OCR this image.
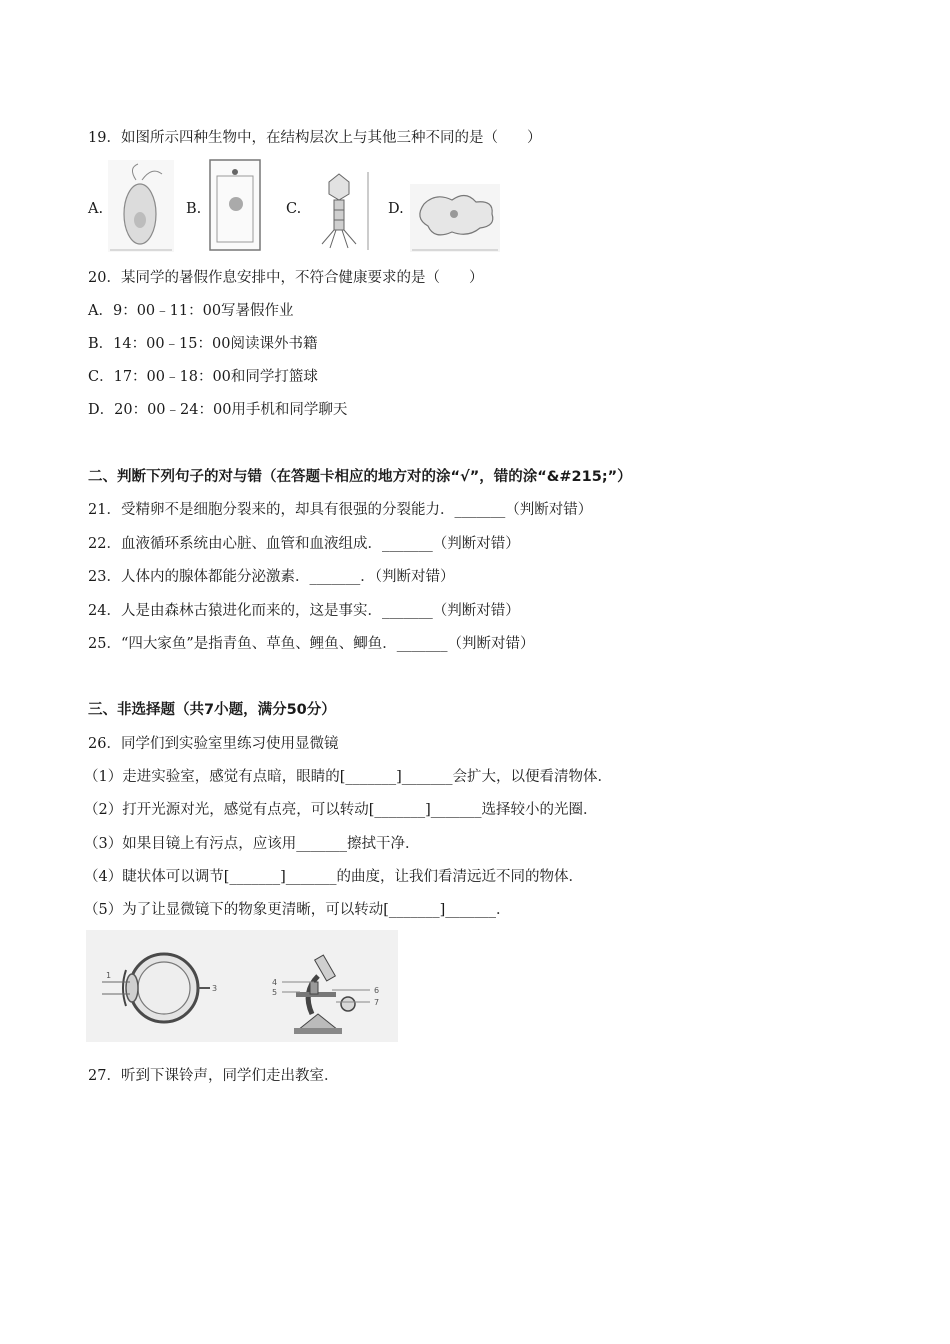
19．如图所示四种生物中，在结构层次上与其他三种不同的是（　　）
A.	B.	C.	D.
20．某同学的暑假作息安排中，不符合健康要求的是（　　）
A．9：00﹣11：00写暑假作业
B．14：00﹣15：00阅读课外书籍
C．17：00﹣18：00和同学打篮球
D．20：00﹣24：00用手机和同学聊天
二、判断下列句子的对与错（在答题卡相应的地方对的涂“√”，错的涂“&#215;”）
21．受精卵不是细胞分裂来的，却具有很强的分裂能力．_______（判断对错）
22．血液循环系统由心脏、血管和血液组成．_______（判断对错）
23．人体内的腺体都能分泌激素．_______．（判断对错）
24．人是由森林古猿进化而来的，这是事实．_______（判断对错）
25．“四大家鱼”是指青鱼、草鱼、鲤鱼、鲫鱼．_______（判断对错）
三、非选择题（共7小题，满分50分）
26．同学们到实验室里练习使用显微镜
（1）走进实验室，感觉有点暗，眼睛的[_______]_______会扩大，以便看清物体．
（2）打开光源对光，感觉有点亮，可以转动[_______]_______选择较小的光圈．
（3）如果目镜上有污点，应该用_______擦拭干净．
（4）睫状体可以调节[_______]_______的曲度，让我们看清远近不同的物体．
（5）为了让显微镜下的物象更清晰，可以转动[_______]_______．
1
3
4
5	6
7
27．听到下课铃声，同学们走出教室．
